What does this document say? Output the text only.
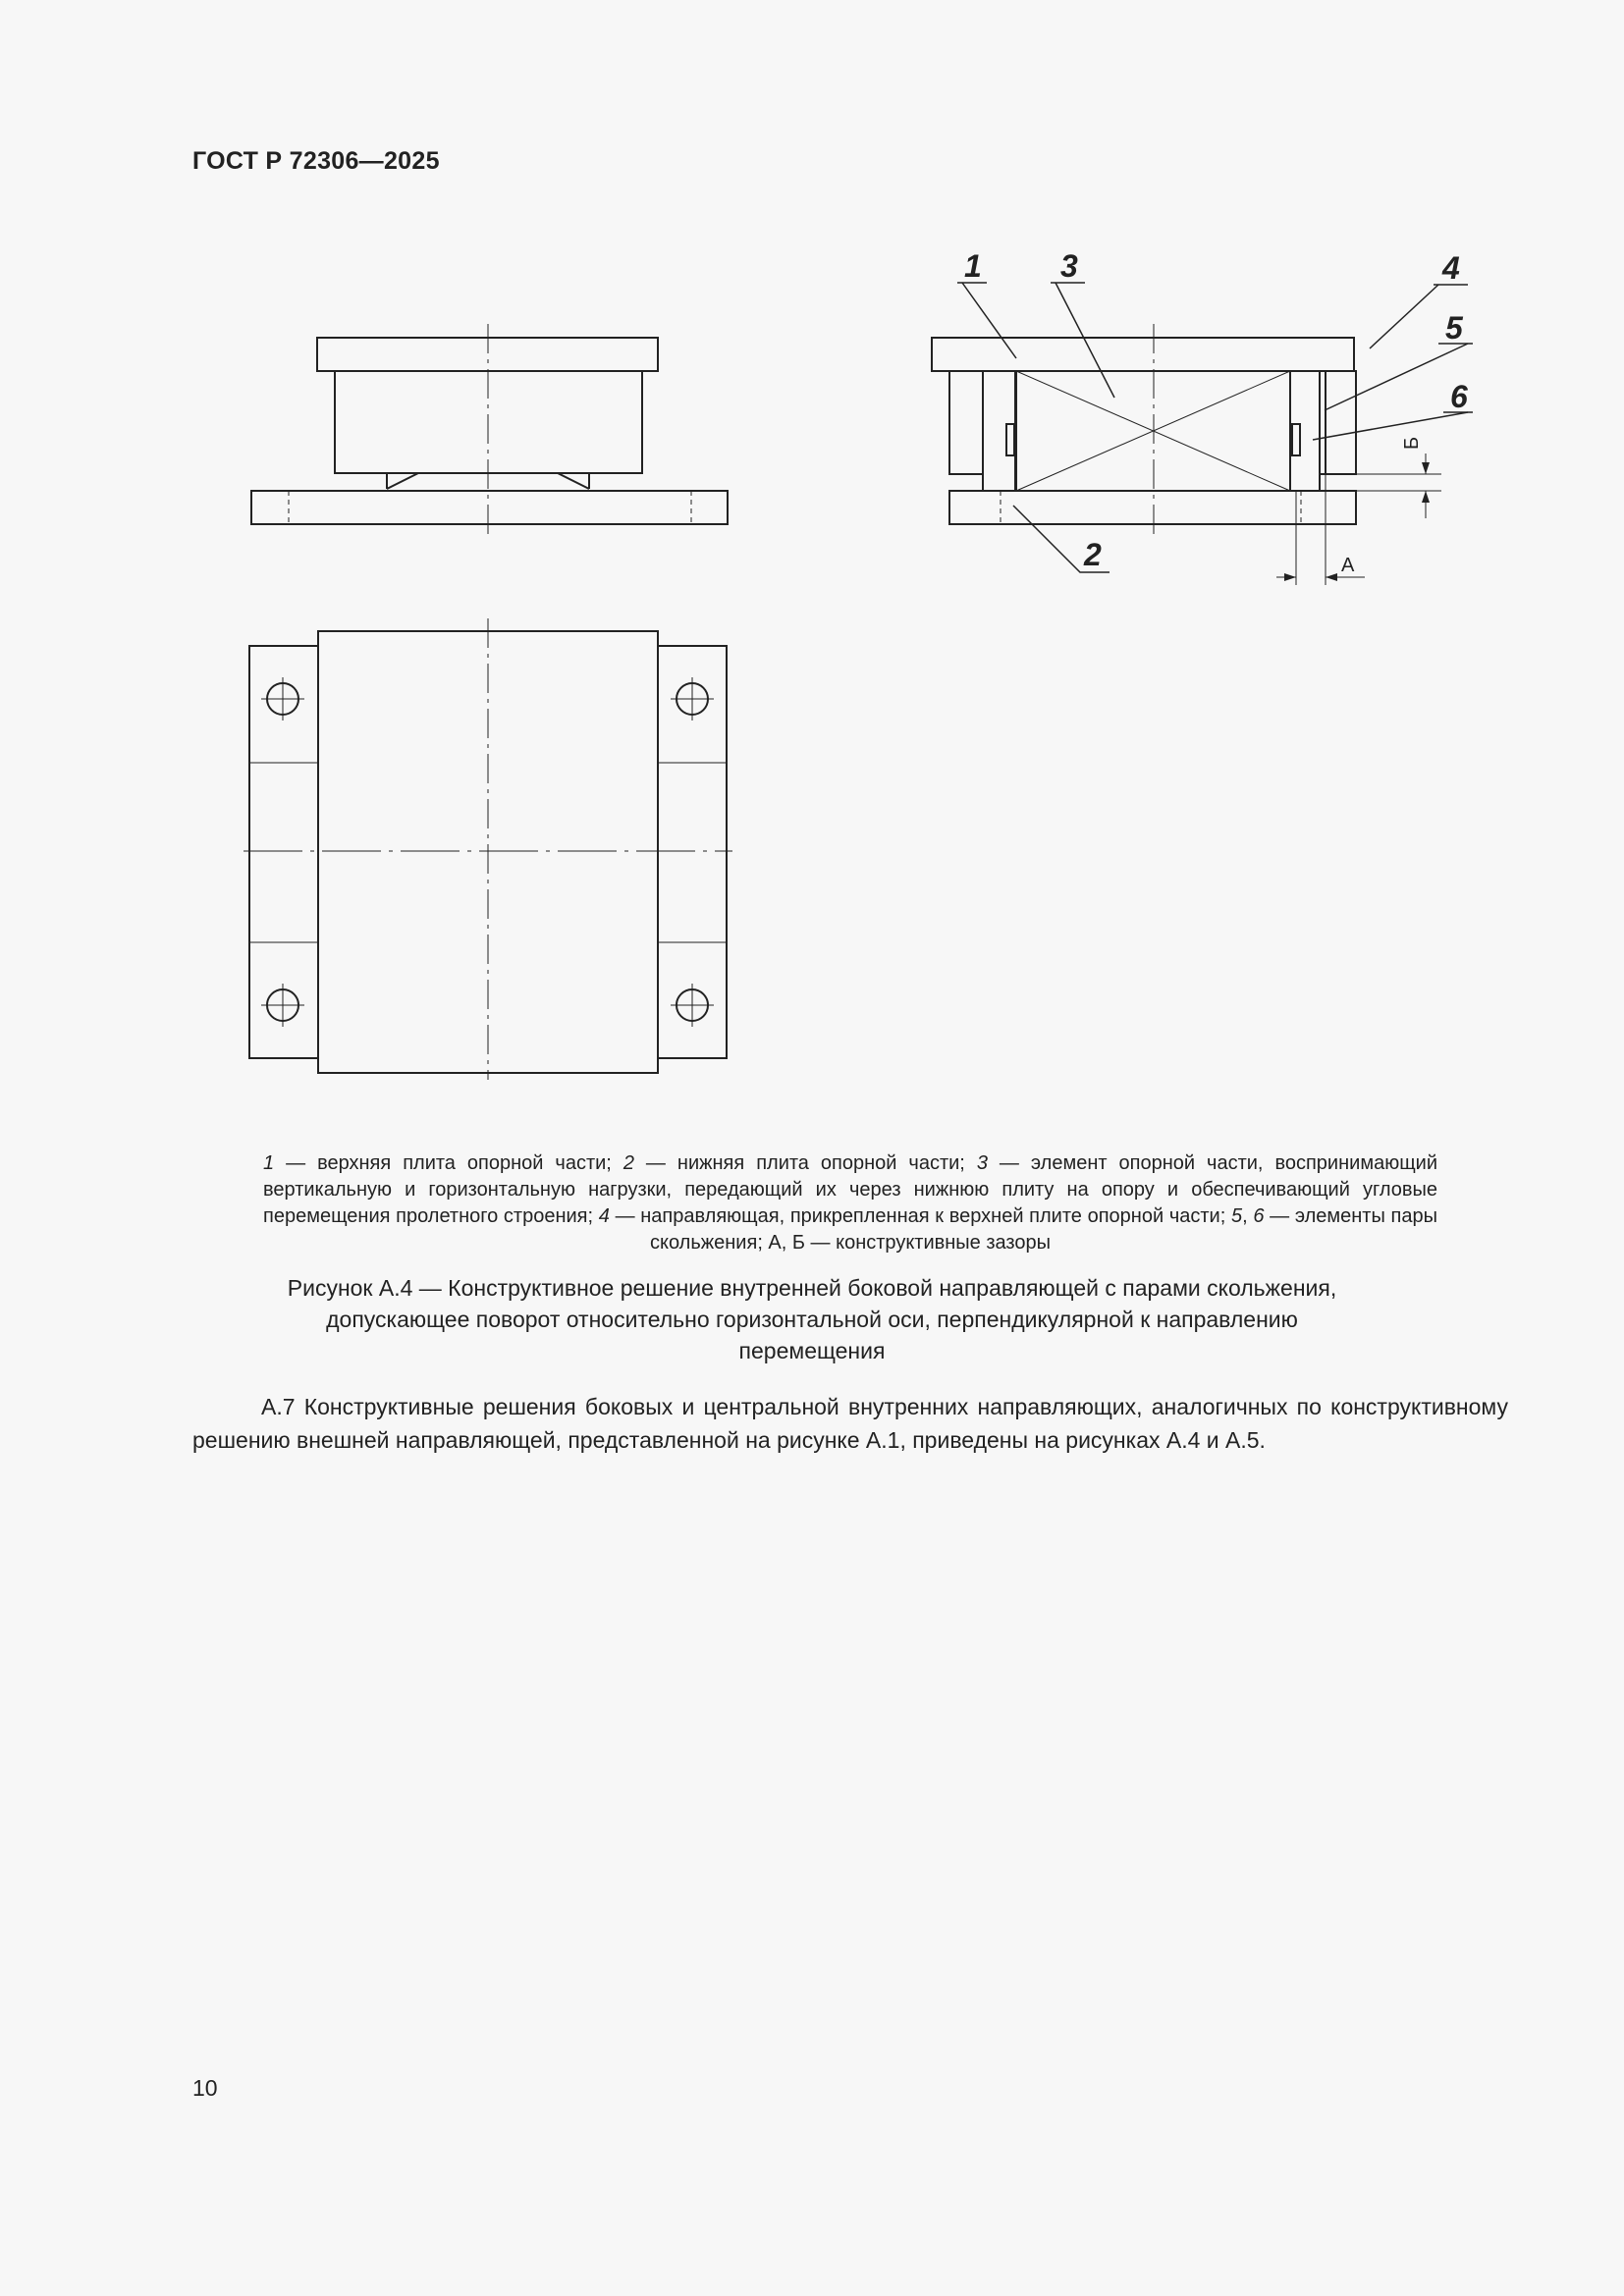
ГОСТ Р 72306—2025
1	3	4
5
6
2	А
Б
1 — верхняя плита опорной части; 2 — нижняя плита опорной части; 3 — элемент опорной части, воспринимающий вертикальную и горизонтальную нагрузки, передающий их через нижнюю плиту на опору и обеспечивающий угловые перемещения пролетного строения; 4 — направляющая, прикрепленная к верхней плите опорной части; 5, 6 — элементы пары скольжения; А, Б — конструктивные зазоры
Рисунок А.4 — Конструктивное решение внутренней боковой направляющей с парами скольжения,
допускающее поворот относительно горизонтальной оси, перпендикулярной к направлению
перемещения
А.7 Конструктивные решения боковых и центральной внутренних направляющих, аналогичных по конструктивному решению внешней направляющей, представленной на рисунке А.1, приведены на рисунках А.4 и А.5.
10
